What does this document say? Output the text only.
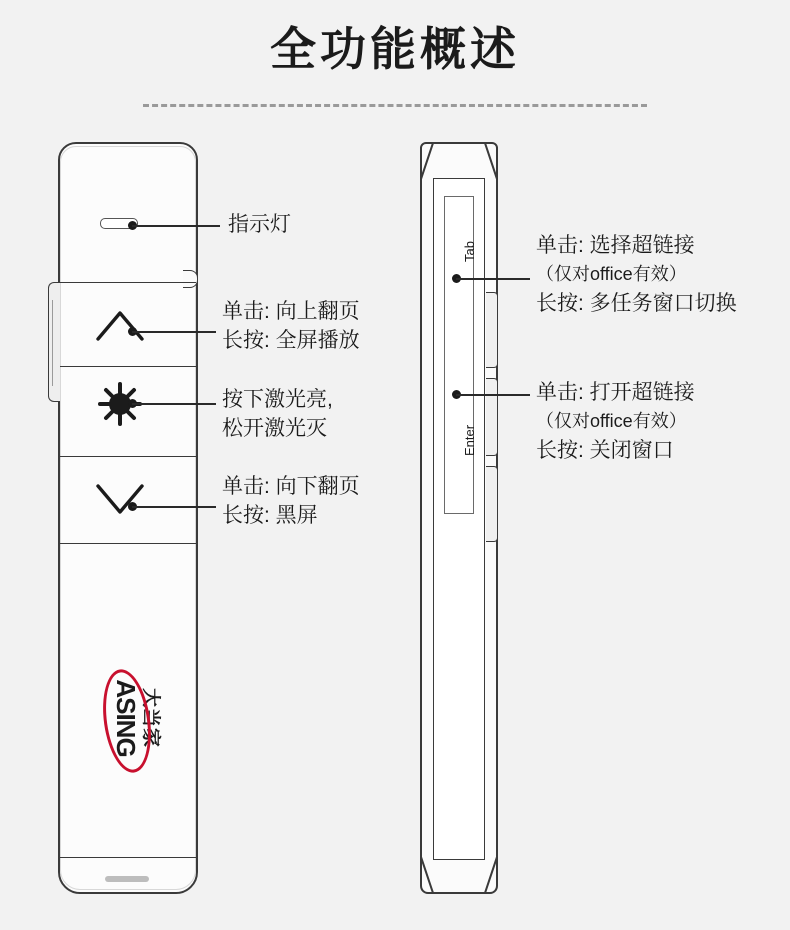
全功能概述
大当家
ASING
Tab
Enter
指示灯
单击: 向上翻页
长按: 全屏播放
按下激光亮,
松开激光灭
单击: 向下翻页
长按: 黑屏
单击: 选择超链接
（仅对office有效）
长按: 多任务窗口切换
单击: 打开超链接
（仅对office有效）
长按: 关闭窗口
